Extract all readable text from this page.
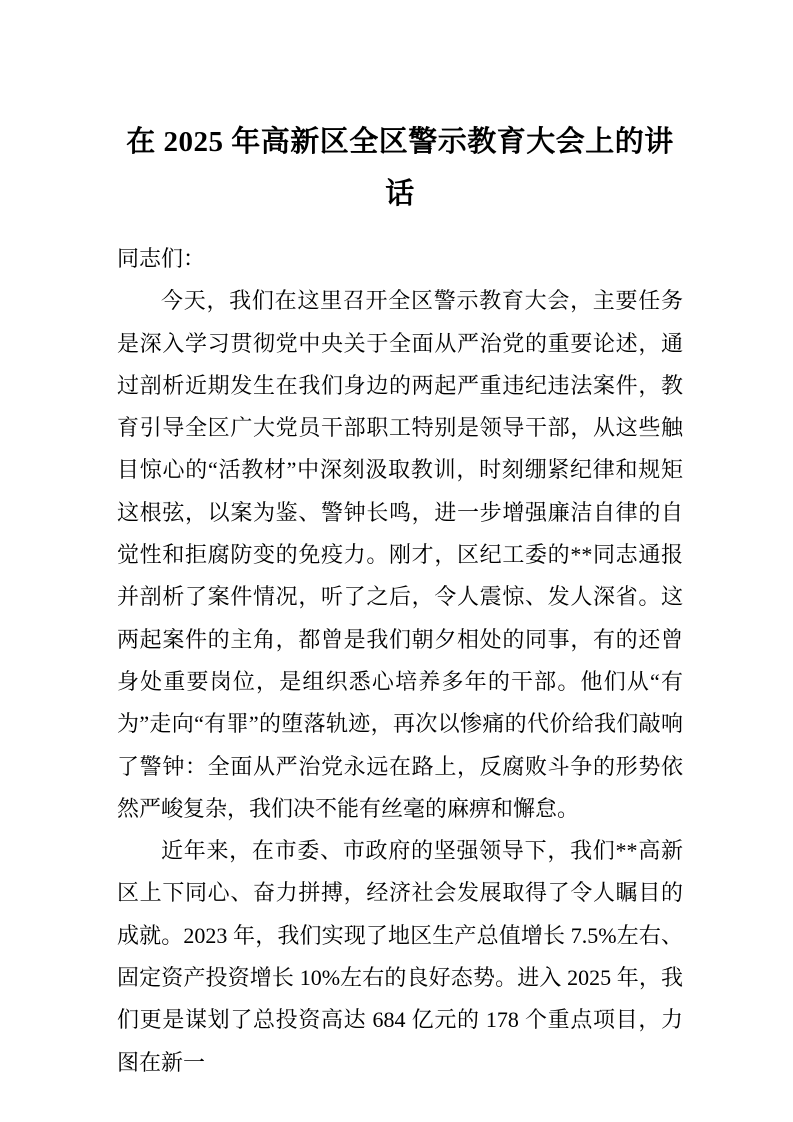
在 2025 年高新区全区警示教育大会上的讲
话

同志们：

今天，我们在这里召开全区警示教育大会，主要任务是深入学习贯彻党中央关于全面从严治党的重要论述，通过剖析近期发生在我们身边的两起严重违纪违法案件，教育引导全区广大党员干部职工特别是领导干部，从这些触目惊心的“活教材”中深刻汲取教训，时刻绷紧纪律和规矩这根弦，以案为鉴、警钟长鸣，进一步增强廉洁自律的自觉性和拒腐防变的免疫力。刚才，区纪工委的**同志通报并剖析了案件情况，听了之后，令人震惊、发人深省。这两起案件的主角，都曾是我们朝夕相处的同事，有的还曾身处重要岗位，是组织悉心培养多年的干部。他们从“有为”走向“有罪”的堕落轨迹，再次以惨痛的代价给我们敲响了警钟：全面从严治党永远在路上，反腐败斗争的形势依然严峻复杂，我们决不能有丝毫的麻痹和懈怠。

近年来，在市委、市政府的坚强领导下，我们**高新区上下同心、奋力拼搏，经济社会发展取得了令人瞩目的成就。2023 年，我们实现了地区生产总值增长 7.5%左右、固定资产投资增长 10%左右的良好态势。进入 2025 年，我们更是谋划了总投资高达 684 亿元的 178 个重点项目，力图在新一
